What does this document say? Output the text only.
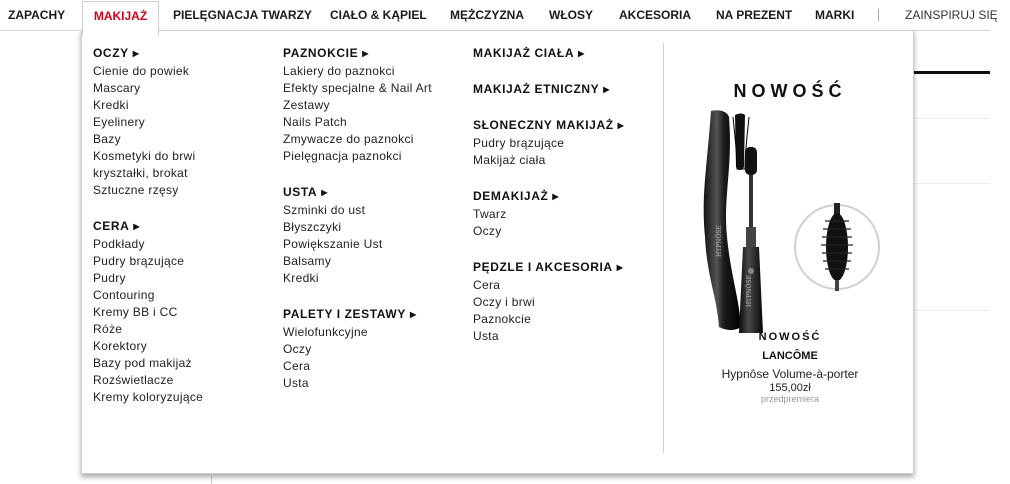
ZAPACHY	MAKIJAŻ	PIELĘGNACJA TWARZY CIAŁO & KĄPIEL MĘŻCZYZNA WŁOSY AKCESORIA NA PREZENT MARKI	ZAINSPIRUJ SIĘ
OCZY ▶
Cienie do powiek
Mascary
Kredki
Eyelinery
Bazy
Kosmetyki do brwi
kryształki, brokat
Sztuczne rzęsy
CERA ▶
Podkłady
Pudry brązujące
Pudry
Contouring
Kremy BB i CC
Róże
Korektory
Bazy pod makijaż
Rozświetlacze
Kremy koloryzujące
PAZNOKCIE ▶
Lakiery do paznokci
Efekty specjalne & Nail Art
Zestawy
Nails Patch
Zmywacze do paznokci
Pielęgnacja paznokci
USTA ▶
Szminki do ust
Błyszczyki
Powiększanie Ust
Balsamy
Kredki
PALETY I ZESTAWY ▶
Wielofunkcyjne
Oczy
Cera
Usta
MAKIJAŻ CIAŁA ▶
MAKIJAŻ ETNICZNY ▶
SŁONECZNY MAKIJAŻ ▶
Pudry brązujące
Makijaż ciała
DEMAKIJAŻ ▶
Twarz
Oczy
PĘDZLE I AKCESORIA ▶
Cera
Oczy i brwi
Paznokcie
Usta
NOWOŚĆ
HYPNÔSE
HYPNÔSE
NOWOŚĆ
LANCÔME
Hypnôse Volume-à-porter
155,00zł
przedpremiera
